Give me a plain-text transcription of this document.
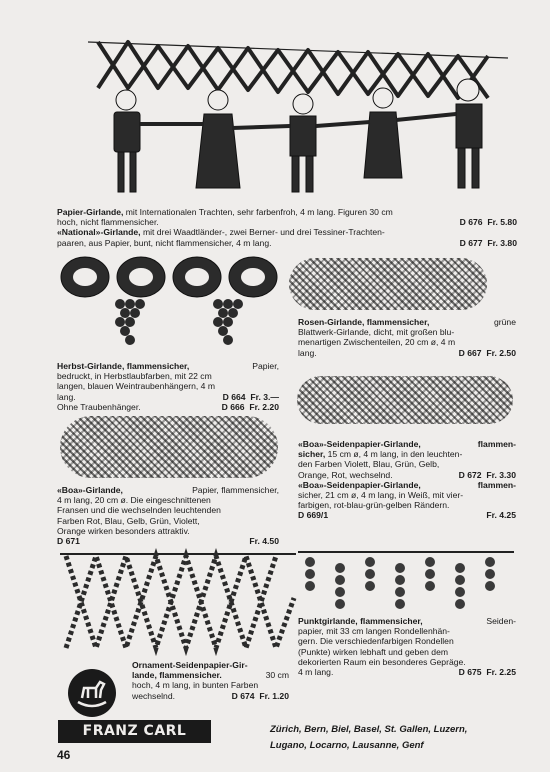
Papier-Girlande, mit Internationalen Trachten, sehr farbenfroh, 4 m lang. Figuren 30 cm
hoch, nicht flammensicher.	D 676 Fr. 5.80
«National»-Girlande, mit drei Waadtländer-, zwei Berner- und drei Tessiner-Trachten-
paaren, aus Papier, bunt, nicht flammensicher, 4 m lang.	D 677 Fr. 3.80
Rosen-Girlande, flammensicher,	grüne
Blattwerk-Girlande, dicht, mit großen blu-
menartigen Zwischenteilen, 20 cm ø, 4 m
lang.	D 667 Fr. 2.50
Herbst-Girlande, flammensicher,	Papier,
bedruckt, in Herbstlaubfarben, mit 22 cm
langen, blauen Weintraubenhängern, 4 m
lang.	D 664 Fr. 3.—
Ohne Traubenhänger.	D 666 Fr. 2.20
«Boa»-Seidenpapier-Girlande,	flammen-
sicher, 15 cm ø, 4 m lang, in den leuchten-
den Farben Violett, Blau, Grün, Gelb,
Orange, Rot, wechselnd.	D 672 Fr. 3.30
«Boa»-Seidenpapier-Girlande,	flammen-
sicher, 21 cm ø, 4 m lang, in Weiß, mit vier-
farbigen, rot-blau-grün-gelben Rändern.
D 669/1	Fr. 4.25
«Boa»-Girlande,	Papier, flammensicher,
4 m lang, 20 cm ø. Die eingeschnittenen
Fransen und die wechselnden leuchtenden
Farben Rot, Blau, Gelb, Grün, Violett,
Orange wirken besonders attraktiv.
D 671	Fr. 4.50
Punktgirlande, flammensicher,	Seiden-
papier, mit 33 cm langen Rondellenhän-
gern. Die verschiedenfarbigen Rondellen
(Punkte) wirken lebhaft und geben dem
dekorierten Raum ein besonderes Gepräge.
4 m lang.	D 675 Fr. 2.25
Ornament-Seidenpapier-Gir-
lande, flammensicher.	30 cm
hoch, 4 m lang, in bunten Farben
wechselnd.	D 674 Fr. 1.20
FRANZ CARL WEBER
Zürich, Bern, Biel, Basel, St. Gallen, Luzern,
Lugano, Locarno, Lausanne, Genf
46
